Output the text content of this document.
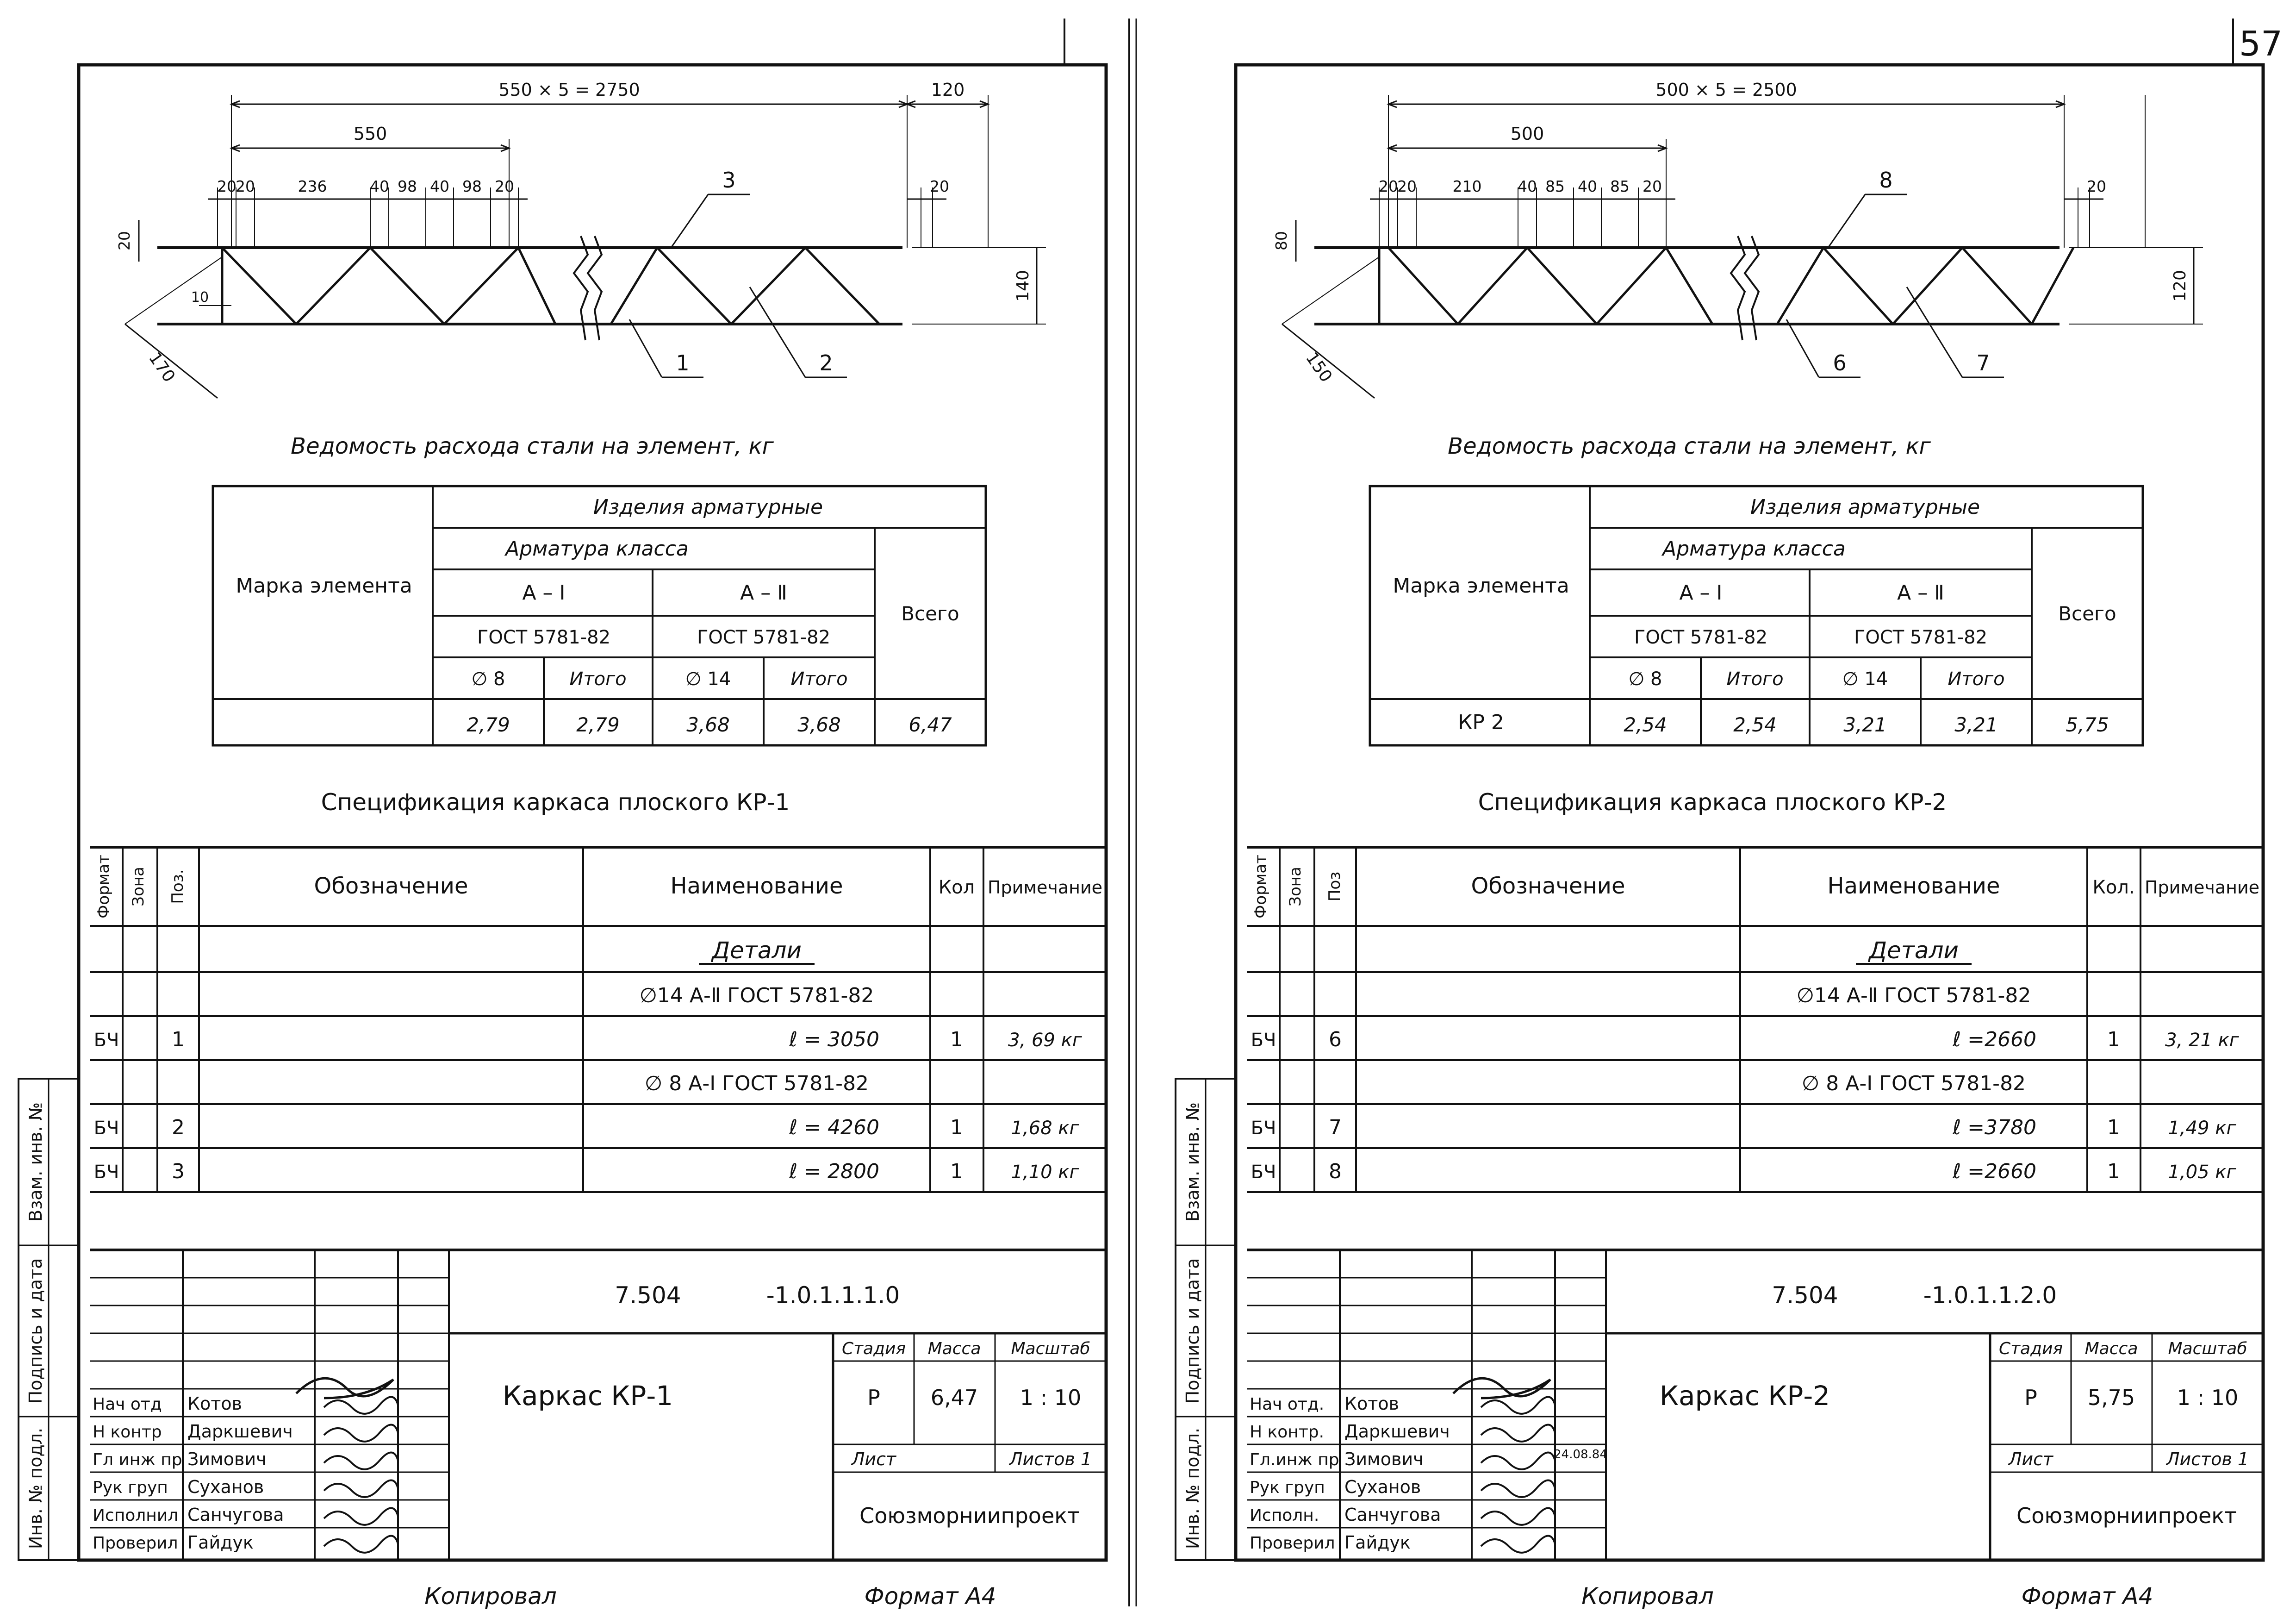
550 × 5 = 2750	120
550
20
20	236	40 98 40 98 20	20
20
10	140
170
3
1	2
Ведомость расхода стали на элемент, кг
Марка элемента
Изделия арматурные
Арматура класса
А – Ⅰ	А – Ⅱ
ГОСТ 5781-82	ГОСТ 5781-82
Всего
∅ 8	Итого	∅ 14	Итого
2,79	2,79	3,68	3,68	6,47
Спецификация каркаса плоского КР-1
Формат Зона Поз.	Обозначение	Наименование	Кол Примечание
Детали
∅14 А-Ⅱ ГОСТ 5781-82
∅ 8 А-Ⅰ ГОСТ 5781-82
БЧ	1	ℓ = 3050	1 3, 69 кг
БЧ	2	ℓ = 4260	1	1,68 кг
БЧ	3	ℓ = 2800	1	1,10 кг
Инв. № подл.
Подпись и дата
Взам. инв. №
7.504	-1.0.1.1.1.0
Каркас КР-1
Стадия Масса Масштаб
Р 6,47 1 : 10
Лист	Листов 1
Союзморниипроект
Нач отд Котов
Н контр Даркшевич
Гл инж пр Зимович
Рук груп Суханов
Исполнил Санчугова
Проверил Гайдук
Копировал	Формат А4
500 × 5 = 2500
500
20
20 210 40 85 40 85 20	20
80
120
150
8
6	7
Ведомость расхода стали на элемент, кг
Марка элемента
Изделия арматурные
Арматура класса
А – Ⅰ	А – Ⅱ
ГОСТ 5781-82	ГОСТ 5781-82
Всего
∅ 8	Итого	∅ 14	Итого
КР 2	2,54	2,54	3,21	3,21	5,75
Спецификация каркаса плоского КР-2
Формат Зона Поз	Обозначение	Наименование	Кол. Примечание
Детали
∅14 А-Ⅱ ГОСТ 5781-82
∅ 8 А-Ⅰ ГОСТ 5781-82
БЧ	6	ℓ =2660	1 3, 21 кг
БЧ	7	ℓ =3780	1	1,49 кг
БЧ	8	ℓ =2660	1	1,05 кг
Инв. № подл.
Подпись и дата
Взам. инв. №
7.504	-1.0.1.1.2.0
Каркас КР-2
Стадия Масса Масштаб
Р 5,75 1 : 10
Лист	Листов 1
Союзморниипроект
Нач отд. Котов
Н контр. Даркшевич
Гл.инж пр Зимович
Рук груп Суханов
Исполн. Санчугова
Проверил Гайдук
24.08.84
Копировал	Формат А4
57
